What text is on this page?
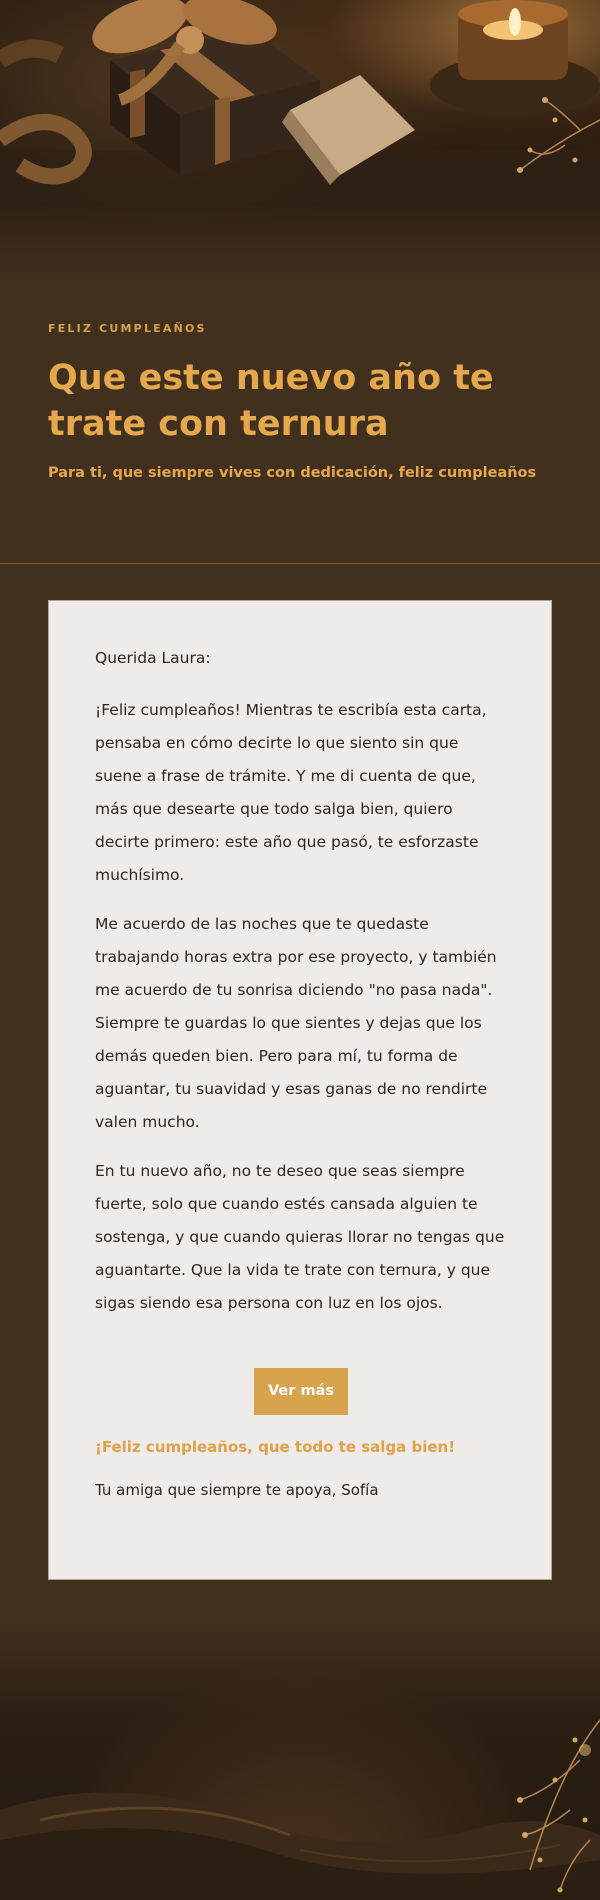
FELIZ CUMPLEAÑOS
Que este nuevo año te trate con ternura
Para ti, que siempre vives con dedicación, feliz cumpleaños

Querida Laura:

¡Feliz cumpleaños! Mientras te escribía esta carta, pensaba en cómo decirte lo que siento sin que suene a frase de trámite. Y me di cuenta de que, más que desearte que todo salga bien, quiero decirte primero: este año que pasó, te esforzaste muchísimo.

Me acuerdo de las noches que te quedaste trabajando horas extra por ese proyecto, y también me acuerdo de tu sonrisa diciendo "no pasa nada". Siempre te guardas lo que sientes y dejas que los demás queden bien. Pero para mí, tu forma de aguantar, tu suavidad y esas ganas de no rendirte valen mucho.

En tu nuevo año, no te deseo que seas siempre fuerte, solo que cuando estés cansada alguien te sostenga, y que cuando quieras llorar no tengas que aguantarte. Que la vida te trate con ternura, y que sigas siendo esa persona con luz en los ojos.

Ver más

¡Feliz cumpleaños, que todo te salga bien!

Tu amiga que siempre te apoya, Sofía
